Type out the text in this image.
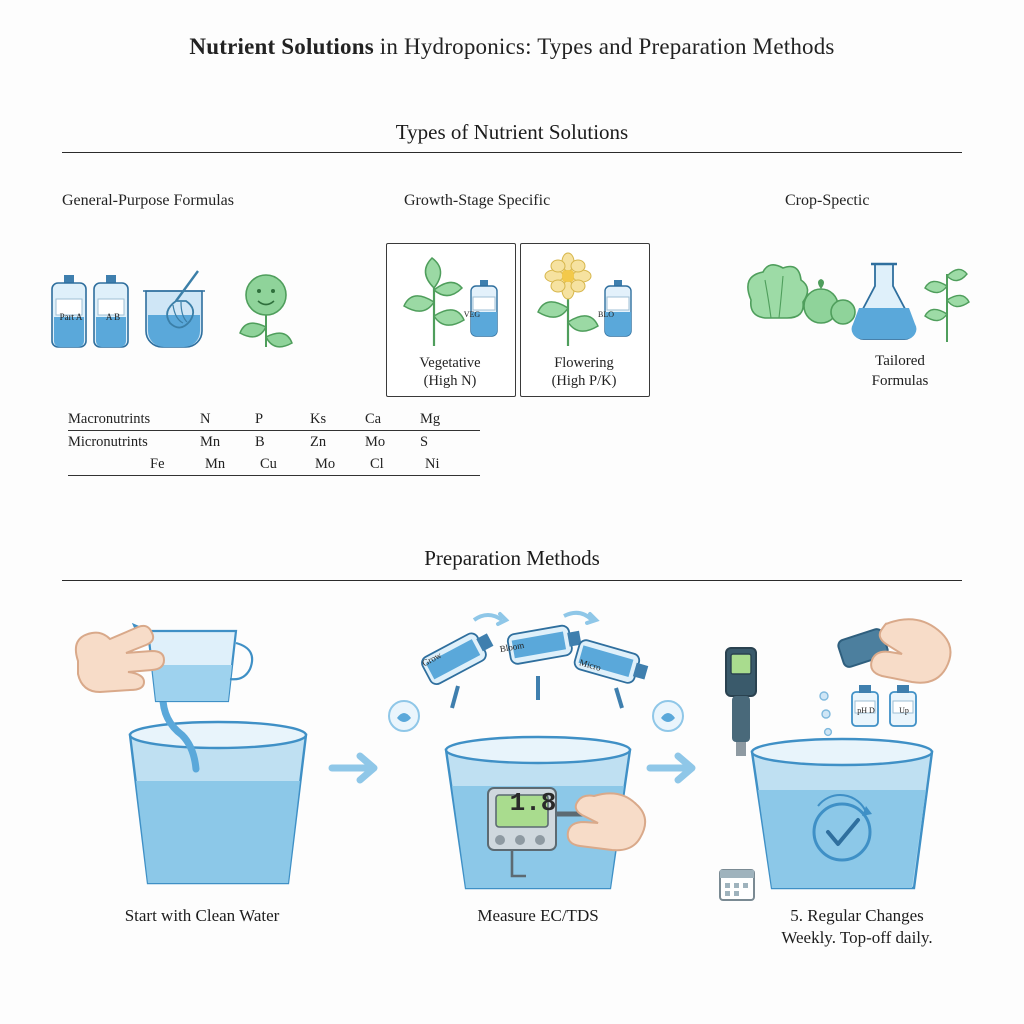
Nutrient Solutions in Hydroponics: Types and Preparation Methods
Types of Nutrient Solutions
General-Purpose Formulas	Growth-Stage Specific	Crop-Spectic
Part A	A B	VEG
Vegetative
(High N)
BLO
Flowering
(High P/K)
Tailored
Formulas
Macronutrints	N	P	Ks	Ca	Mg
Micronutrints	Mn	B	Zn	Mo	S
Fe	Mn	Cu	Mo	Cl	Ni
Preparation Methods
Start with Clean Water
1.8
Grow
Bloom
Micro
Measure EC/TDS
pH D	Up
5. Regular Changes
Weekly. Top-off daily.
